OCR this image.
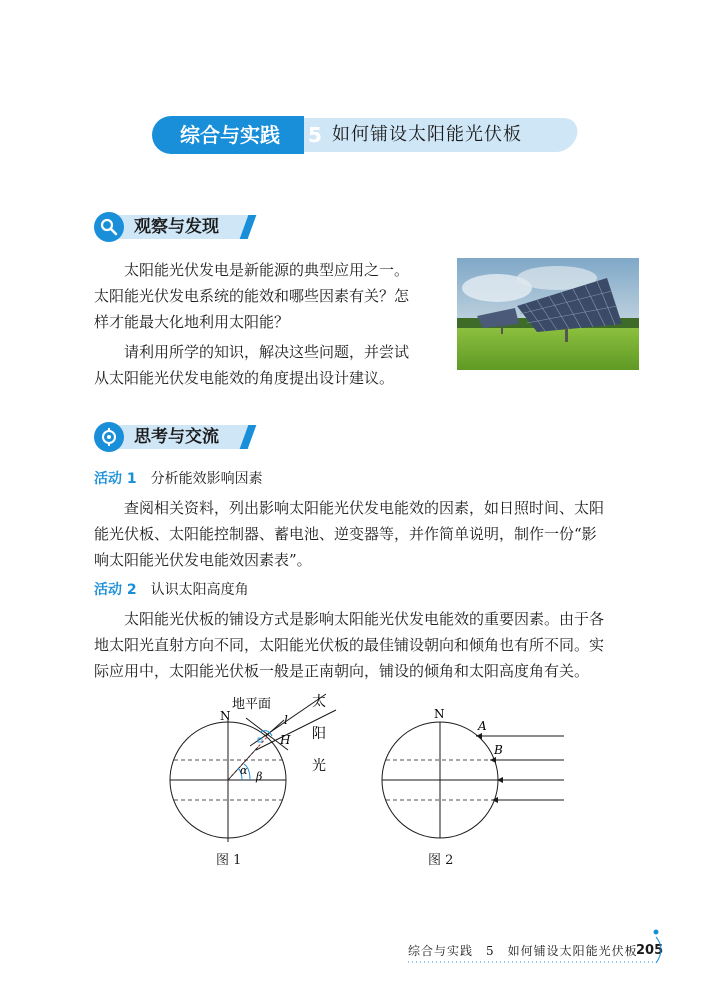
综合与实践	5 如何铺设太阳能光伏板
观察与发现
太阳能光伏发电是新能源的典型应用之一。
太阳能光伏发电系统的能效和哪些因素有关？怎
样才能最大化地利用太阳能？
请利用所学的知识，解决这些问题，并尝试
从太阳能光伏发电能效的角度提出设计建议。
思考与交流
活动 1 分析能效影响因素
查阅相关资料，列出影响太阳能光伏发电能效的因素，如日照时间、太阳
能光伏板、太阳能控制器、蓄电池、逆变器等，并作简单说明，制作一份“影
响太阳能光伏发电能效因素表”。
活动 2 认识太阳高度角
太阳能光伏板的铺设方式是影响太阳能光伏发电能效的重要因素。由于各
地太阳光直射方向不同，太阳能光伏板的最佳铺设朝向和倾角也有所不同。实
际应用中，太阳能光伏板一般是正南朝向，铺设的倾角和太阳高度角有关。
地平面
N	l
H
α β
太
阳
光
图 1
N
A
B
图 2
综合与实践　5　如何铺设太阳能光伏板
205
